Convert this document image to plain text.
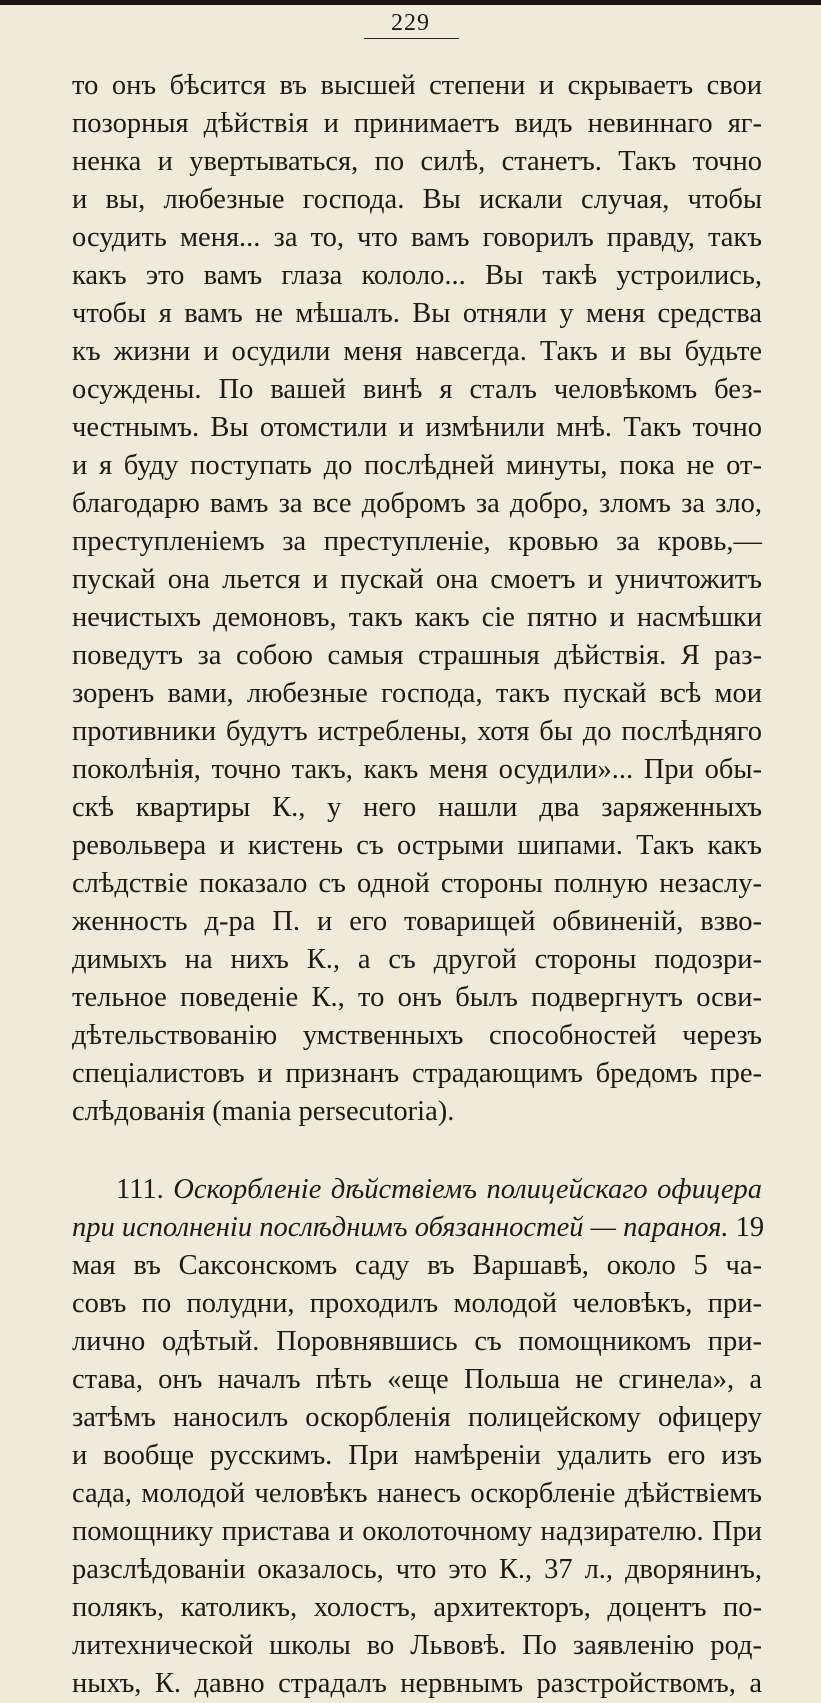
229
то онъ бѣсится въ высшей степени и скрываетъ свои
позорныя дѣйствія и принимаетъ видъ невиннаго яг-
ненка и увертываться, по силѣ, станетъ. Такъ точно
и вы, любезные господа. Вы искали случая, чтобы
осудить меня... за то, что вамъ говорилъ правду, такъ
какъ это вамъ глаза кололо... Вы такѣ устроились,
чтобы я вамъ не мѣшалъ. Вы отняли у меня средства
къ жизни и осудили меня навсегда. Такъ и вы будьте
осуждены. По вашей винѣ я сталъ человѣкомъ без-
честнымъ. Вы отомстили и измѣнили мнѣ. Такъ точно
и я буду поступать до послѣдней минуты, пока не от-
благодарю вамъ за все добромъ за добро, зломъ за зло,
преступленіемъ за преступленіе, кровью за кровь,—
пускай она льется и пускай она смоетъ и уничтожитъ
нечистыхъ демоновъ, такъ какъ сіе пятно и насмѣшки
поведутъ за собою самыя страшныя дѣйствія. Я раз-
зоренъ вами, любезные господа, такъ пускай всѣ мои
противники будутъ истреблены, хотя бы до послѣдняго
поколѣнія, точно такъ, какъ меня осудили»... При обы-
скѣ квартиры К., у него нашли два заряженныхъ
револьвера и кистень съ острыми шипами. Такъ какъ
слѣдствіе показало съ одной стороны полную незаслу-
женность д-ра П. и его товарищей обвиненій, взво-
димыхъ на нихъ К., а съ другой стороны подозри-
тельное поведеніе К., то онъ былъ подвергнутъ осви-
дѣтельствованію умственныхъ способностей черезъ
спеціалистовъ и признанъ страдающимъ бредомъ пре-
слѣдованія (mania persecutoria).
111. Оскорбленіе дѣйствіемъ полицейскаго офицера
при исполненіи послѣднимъ обязанностей — параноя. 19
мая въ Саксонскомъ саду въ Варшавѣ, около 5 ча-
совъ по полудни, проходилъ молодой человѣкъ, при-
лично одѣтый. Поровнявшись съ помощникомъ при-
става, онъ началъ пѣть «еще Польша не сгинела», а
затѣмъ наносилъ оскорбленія полицейскому офицеру
и вообще русскимъ. При намѣреніи удалить его изъ
сада, молодой человѣкъ нанесъ оскорбленіе дѣйствіемъ
помощнику пристава и околоточному надзирателю. При
разслѣдованіи оказалось, что это К., 37 л., дворянинъ,
полякъ, католикъ, холостъ, архитекторъ, доцентъ по-
литехнической школы во Львовѣ. По заявленію род-
ныхъ, К. давно страдалъ нервнымъ разстройствомъ, а
